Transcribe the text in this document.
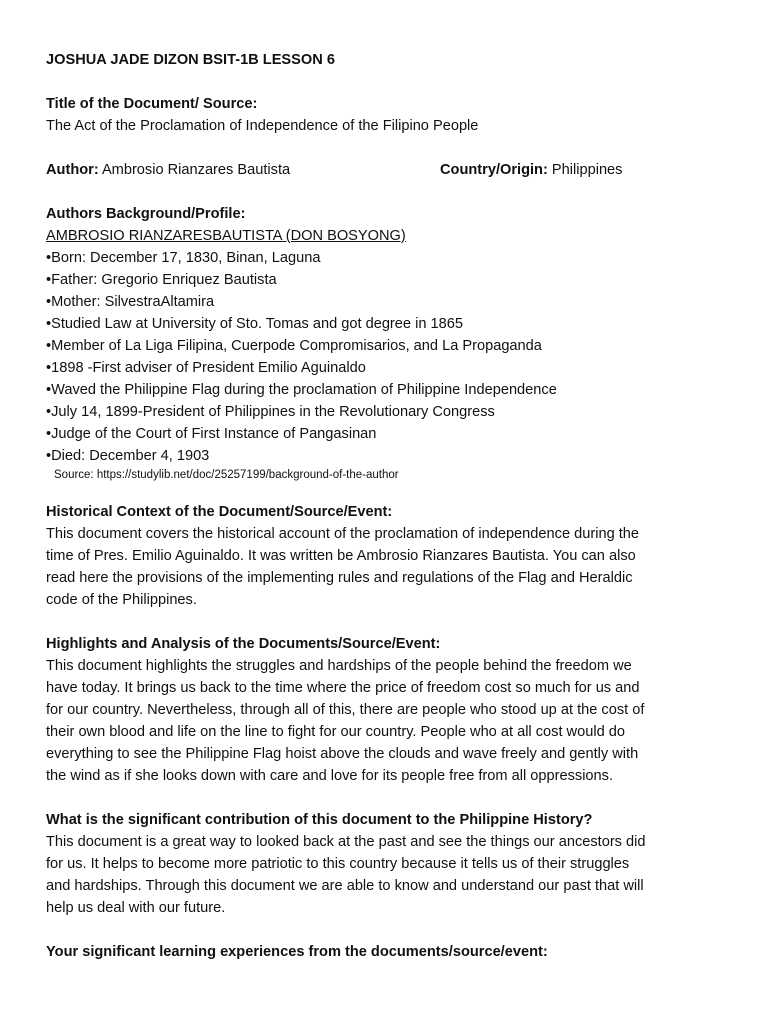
JOSHUA JADE DIZON BSIT-1B LESSON 6
Title of the Document/ Source:
The Act of the Proclamation of Independence of the Filipino People
Author: Ambrosio Rianzares Bautista	Country/Origin: Philippines
Authors Background/Profile:
AMBROSIO RIANZARESBAUTISTA (DON BOSYONG)
•Born: December 17, 1830, Binan, Laguna
•Father: Gregorio Enriquez Bautista
•Mother: SilvestraAltamira
•Studied Law at University of Sto. Tomas and got degree in 1865
•Member of La Liga Filipina, Cuerpode Compromisarios, and La Propaganda
•1898 -First adviser of President Emilio Aguinaldo
•Waved the Philippine Flag during the proclamation of Philippine Independence
•July 14, 1899-President of Philippines in the Revolutionary Congress
•Judge of the Court of First Instance of Pangasinan
•Died: December 4, 1903
Source: https://studylib.net/doc/25257199/background-of-the-author
Historical Context of the Document/Source/Event:
This document covers the historical account of the proclamation of independence during the
time of Pres. Emilio Aguinaldo. It was written be Ambrosio Rianzares Bautista. You can also
read here the provisions of the implementing rules and regulations of the Flag and Heraldic
code of the Philippines.
Highlights and Analysis of the Documents/Source/Event:
This document highlights the struggles and hardships of the people behind the freedom we
have today. It brings us back to the time where the price of freedom cost so much for us and
for our country. Nevertheless, through all of this, there are people who stood up at the cost of
their own blood and life on the line to fight for our country. People who at all cost would do
everything to see the Philippine Flag hoist above the clouds and wave freely and gently with
the wind as if she looks down with care and love for its people free from all oppressions.
What is the significant contribution of this document to the Philippine History?
This document is a great way to looked back at the past and see the things our ancestors did
for us. It helps to become more patriotic to this country because it tells us of their struggles
and hardships. Through this document we are able to know and understand our past that will
help us deal with our future.
Your significant learning experiences from the documents/source/event:
